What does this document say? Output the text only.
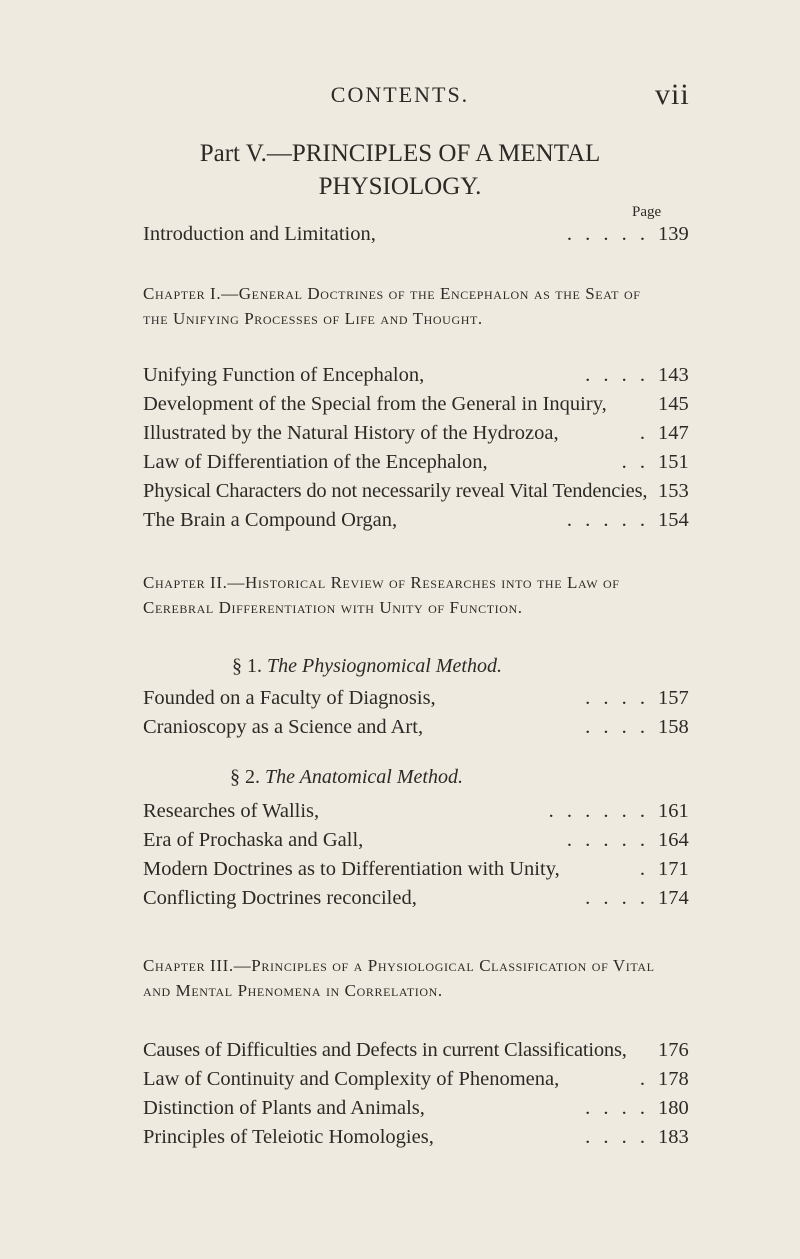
CONTENTS.	vii
Part V.—PRINCIPLES OF A MENTAL
PHYSIOLOGY.
Page
Introduction and Limitation,	. . . . . 139
Chapter I.—General Doctrines of the Encephalon as the Seat of the Unifying Processes of Life and Thought.
Unifying Function of Encephalon,	. . . . 143
Development of the Special from the General in Inquiry, 145
Illustrated by the Natural History of the Hydrozoa,	. 147
Law of Differentiation of the Encephalon,	. . 151
Physical Characters do not necessarily reveal Vital Tendencies, 153
The Brain a Compound Organ,	. . . . . 154
Chapter II.—Historical Review of Researches into the Law of Cerebral Differentiation with Unity of Function.
§ 1. The Physiognomical Method.
Founded on a Faculty of Diagnosis,	. . . . 157
Cranioscopy as a Science and Art,	. . . . 158
§ 2. The Anatomical Method.
Researches of Wallis,	. . . . . . 161
Era of Prochaska and Gall,	. . . . . 164
Modern Doctrines as to Differentiation with Unity,	. 171
Conflicting Doctrines reconciled,	. . . . 174
Chapter III.—Principles of a Physiological Classification of Vital and Mental Phenomena in Correlation.
Causes of Difficulties and Defects in current Classifications, 176
Law of Continuity and Complexity of Phenomena,	. 178
Distinction of Plants and Animals,	. . . . 180
Principles of Teleiotic Homologies,	. . . . 183
